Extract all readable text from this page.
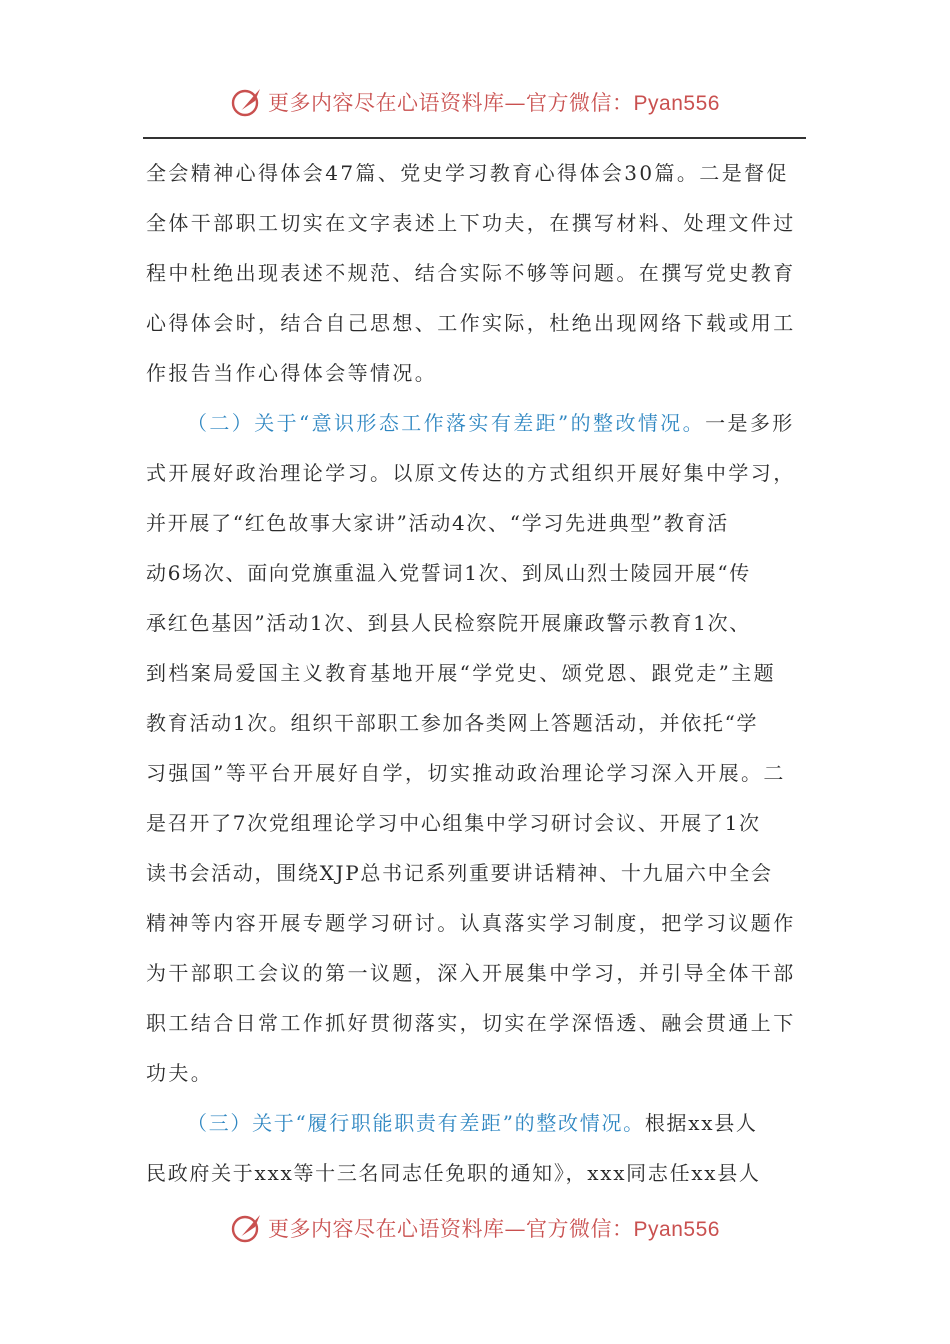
更多内容尽在心语资料库—官方微信：Pyan556
全会精神心得体会47篇、党史学习教育心得体会30篇。二是督促
全体干部职工切实在文字表述上下功夫，在撰写材料、处理文件过
程中杜绝出现表述不规范、结合实际不够等问题。在撰写党史教育
心得体会时，结合自己思想、工作实际，杜绝出现网络下载或用工
作报告当作心得体会等情况。
（二）关于“意识形态工作落实有差距”的整改情况。一是多形
式开展好政治理论学习。以原文传达的方式组织开展好集中学习，
并开展了“红色故事大家讲”活动4次、“学习先进典型”教育活
动6场次、面向党旗重温入党誓词1次、到凤山烈士陵园开展“传
承红色基因”活动1次、到县人民检察院开展廉政警示教育1次、
到档案局爱国主义教育基地开展“学党史、颂党恩、跟党走”主题
教育活动1次。组织干部职工参加各类网上答题活动，并依托“学
习强国”等平台开展好自学，切实推动政治理论学习深入开展。二
是召开了7次党组理论学习中心组集中学习研讨会议、开展了1次
读书会活动，围绕XJP总书记系列重要讲话精神、十九届六中全会
精神等内容开展专题学习研讨。认真落实学习制度，把学习议题作
为干部职工会议的第一议题，深入开展集中学习，并引导全体干部
职工结合日常工作抓好贯彻落实，切实在学深悟透、融会贯通上下
功夫。
（三）关于“履行职能职责有差距”的整改情况。根据xx县人
民政府关于xxx等十三名同志任免职的通知》，xxx同志任xx县人
更多内容尽在心语资料库—官方微信：Pyan556
